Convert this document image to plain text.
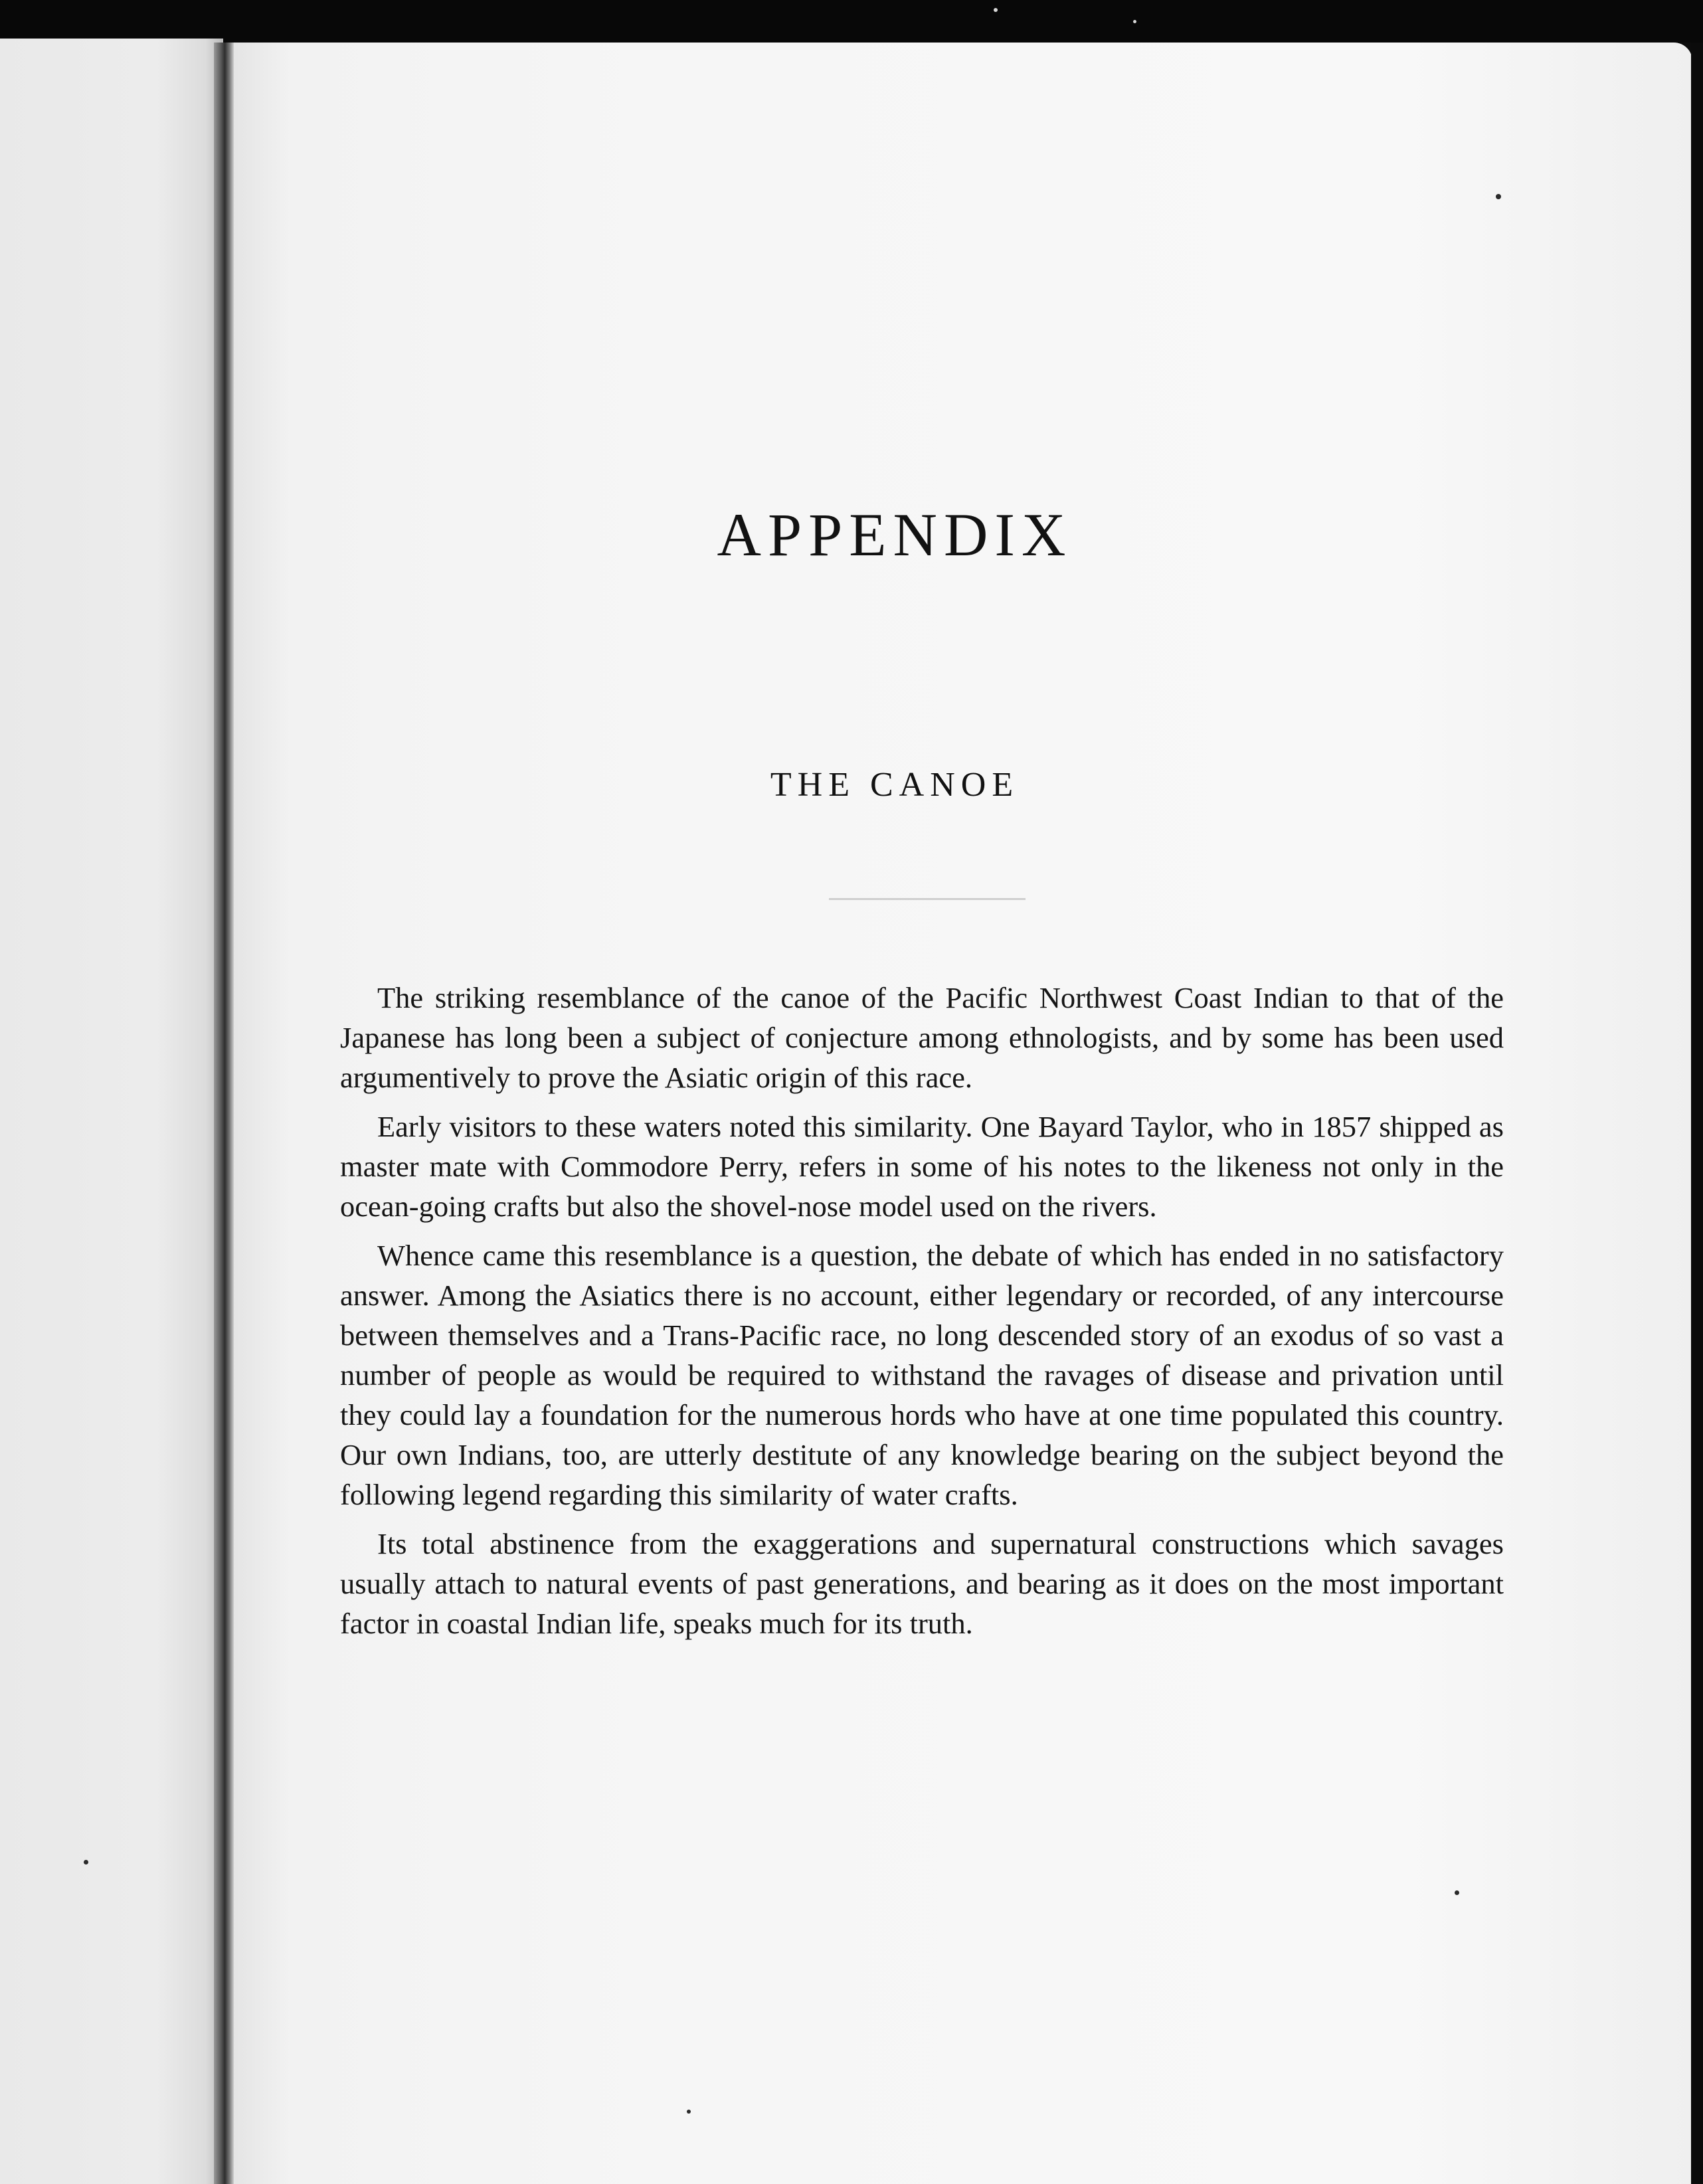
APPENDIX
THE CANOE

The striking resemblance of the canoe of the Pacific Northwest Coast Indian to that of the Japanese has long been a subject of conjecture among ethnologists, and by some has been used argumentively to prove the Asiatic origin of this race.

Early visitors to these waters noted this similarity. One Bayard Taylor, who in 1857 shipped as master mate with Commodore Perry, refers in some of his notes to the likeness not only in the ocean-going crafts but also the shovel-nose model used on the rivers.

Whence came this resemblance is a question, the debate of which has ended in no satisfactory answer. Among the Asiatics there is no account, either legendary or recorded, of any intercourse between themselves and a Trans-Pacific race, no long descended story of an exodus of so vast a number of people as would be required to withstand the ravages of disease and privation until they could lay a foundation for the numerous hords who have at one time populated this country. Our own Indians, too, are utterly destitute of any knowledge bearing on the subject beyond the following legend regarding this similarity of water crafts.

Its total abstinence from the exaggerations and supernatural constructions which savages usually attach to natural events of past generations, and bearing as it does on the most important factor in coastal Indian life, speaks much for its truth.
